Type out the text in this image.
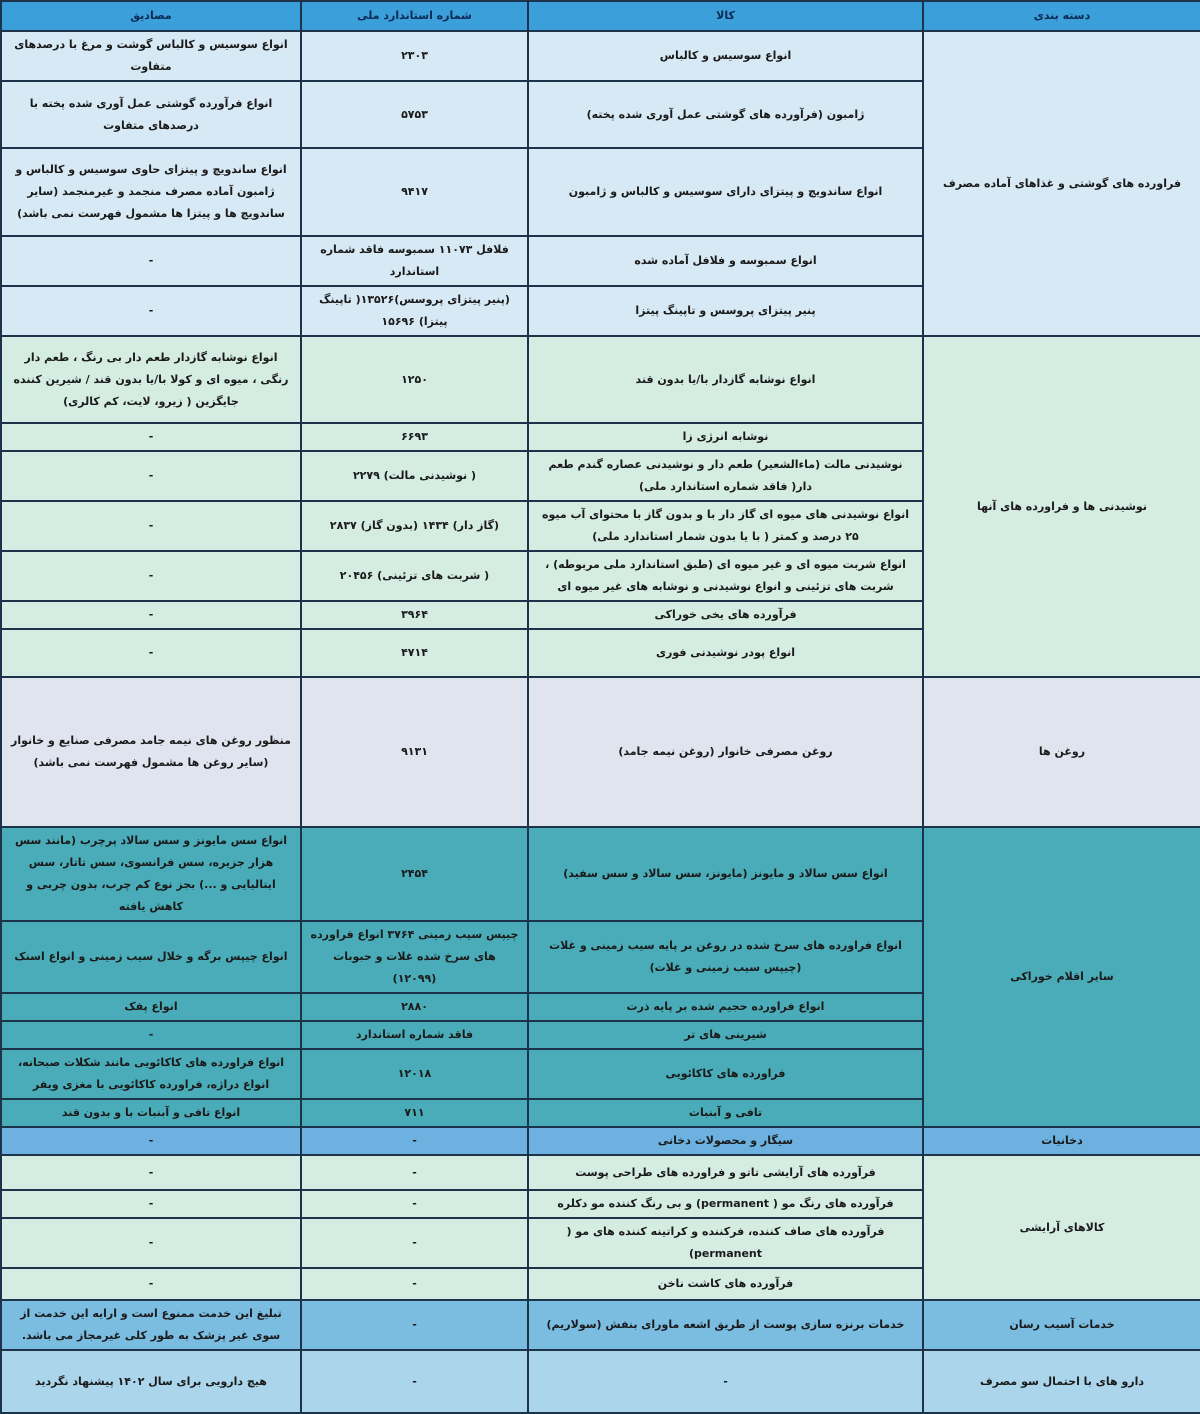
دسته بندی	کالا	شماره استاندارد ملی	مصادیق
فراورده های گوشتی و غذاهای آماده مصرف	انواع سوسیس و کالباس	۲۳۰۳	انواع سوسیس و کالباس گوشت و مرغ با درصدهای متفاوت
	ژامبون (فرآورده های گوشتی عمل آوری شده پخته)	۵۷۵۳	انواع فرآورده گوشتی عمل آوری شده پخته با درصدهای متفاوت
	انواع ساندویچ و پیتزای دارای سوسیس و کالباس و ژامبون	۹۴۱۷	انواع ساندویچ و پیتزای حاوی سوسیس و کالباس و ژامبون آماده مصرف منجمد و غیرمنجمد (سایر ساندویچ ها و پیتزا ها مشمول فهرست نمی باشد)
	انواع سمبوسه و فلافل آماده شده	فلافل ۱۱۰۷۳ سمبوسه فاقد شماره استاندارد	-
	پنیر پیتزای پروسس و تاپینگ پیتزا	(پنیر پیتزای پروسس)۱۳۵۲۶( تاپینگ پیتزا) ۱۵۶۹۶	-
نوشیدنی ها و فراورده های آنها	انواع نوشابه گازدار با/یا بدون قند	۱۲۵۰	انواع نوشابه گازدار طعم دار بی رنگ ، طعم دار رنگی ، میوه ای و کولا با/یا بدون قند / شیرین کننده جایگزین ( زیرو، لایت، کم کالری)
	نوشابه انرژی زا	۶۶۹۳	-
	نوشیدنی مالت (ماءالشعیر) طعم دار و نوشیدنی عصاره گندم طعم دار( فاقد شماره استاندارد ملی)	( نوشیدنی مالت) ۲۲۷۹	-
	انواع نوشیدنی های میوه ای گاز دار با و بدون گاز با محتوای آب میوه ۲۵ درصد و کمتر ( با یا بدون شمار استاندارد ملی)	(گاز دار) ۱۴۳۴ (بدون گاز) ۲۸۳۷	-
	انواع شربت میوه ای و غیر میوه ای (طبق استاندارد ملی مربوطه) ، شربت های تزئینی و انواع نوشیدنی و نوشابه های غیر میوه ای	( شربت های تزئینی) ۲۰۴۵۶	-
	فرآورده های یخی خوراکی	۳۹۶۴	-
	انواع پودر نوشیدنی فوری	۴۷۱۴	-
روغن ها	روغن مصرفی خانوار (روغن نیمه جامد)	۹۱۳۱	منظور روغن های نیمه جامد مصرفی صنایع و خانوار (سایر روغن ها مشمول فهرست نمی باشد)
سایر اقلام خوراکی	انواع سس سالاد و مایونز (مایونز، سس سالاد و سس سفید)	۲۴۵۴	انواع سس مایونز و سس سالاد پرچرب (مانند سس هزار جزیره، سس فرانسوی، سس تاتار، سس ایتالیایی و ...) بجز نوع کم چرب، بدون چربی و کاهش یافته
	انواع فراورده های سرخ شده در روغن بر پایه سیب زمینی و غلات (چیپس سیب زمینی و غلات)	چیپس سیب زمینی ۳۷۶۴ انواع فراورده های سرخ شده غلات و حبوبات (۱۲۰۹۹)	انواع چیپس برگه و خلال سیب زمینی و انواع اسنک
	انواع فراورده حجیم شده بر پایه ذرت	۲۸۸۰	انواع پفک
	شیرینی های تر	فاقد شماره استاندارد	-
	فراورده های کاکائویی	۱۲۰۱۸	انواع فراورده های کاکائویی مانند شکلات صبحانه، انواع دراژه، فراورده کاکائویی با مغزی ویفر
	تافی و آبنبات	۷۱۱	انواع تافی و آبنبات با و بدون قند
دخانیات	سیگار و محصولات دخانی	-	-
کالاهای آرایشی	فرآورده های آرایشی تاتو و فراورده های طراحی پوست	-	-
	فرآورده های رنگ مو ( permanent) و بی رنگ کننده مو دکلره	-	-
	فرآورده های صاف کننده، فرکننده و کراتینه کننده های مو ( permanent)	-	-
	فرآورده های کاشت ناخن	-	-
خدمات آسیب رسان	خدمات برنزه سازی پوست از طریق اشعه ماورای بنفش (سولاریم)	-	تبلیغ این خدمت ممنوع است و ارایه این خدمت از سوی غیر پزشک به طور کلی غیرمجاز می باشد.
دارو های با احتمال سو مصرف	-	-	هیچ دارویی برای سال ۱۴۰۲ پیشنهاد نگردید
